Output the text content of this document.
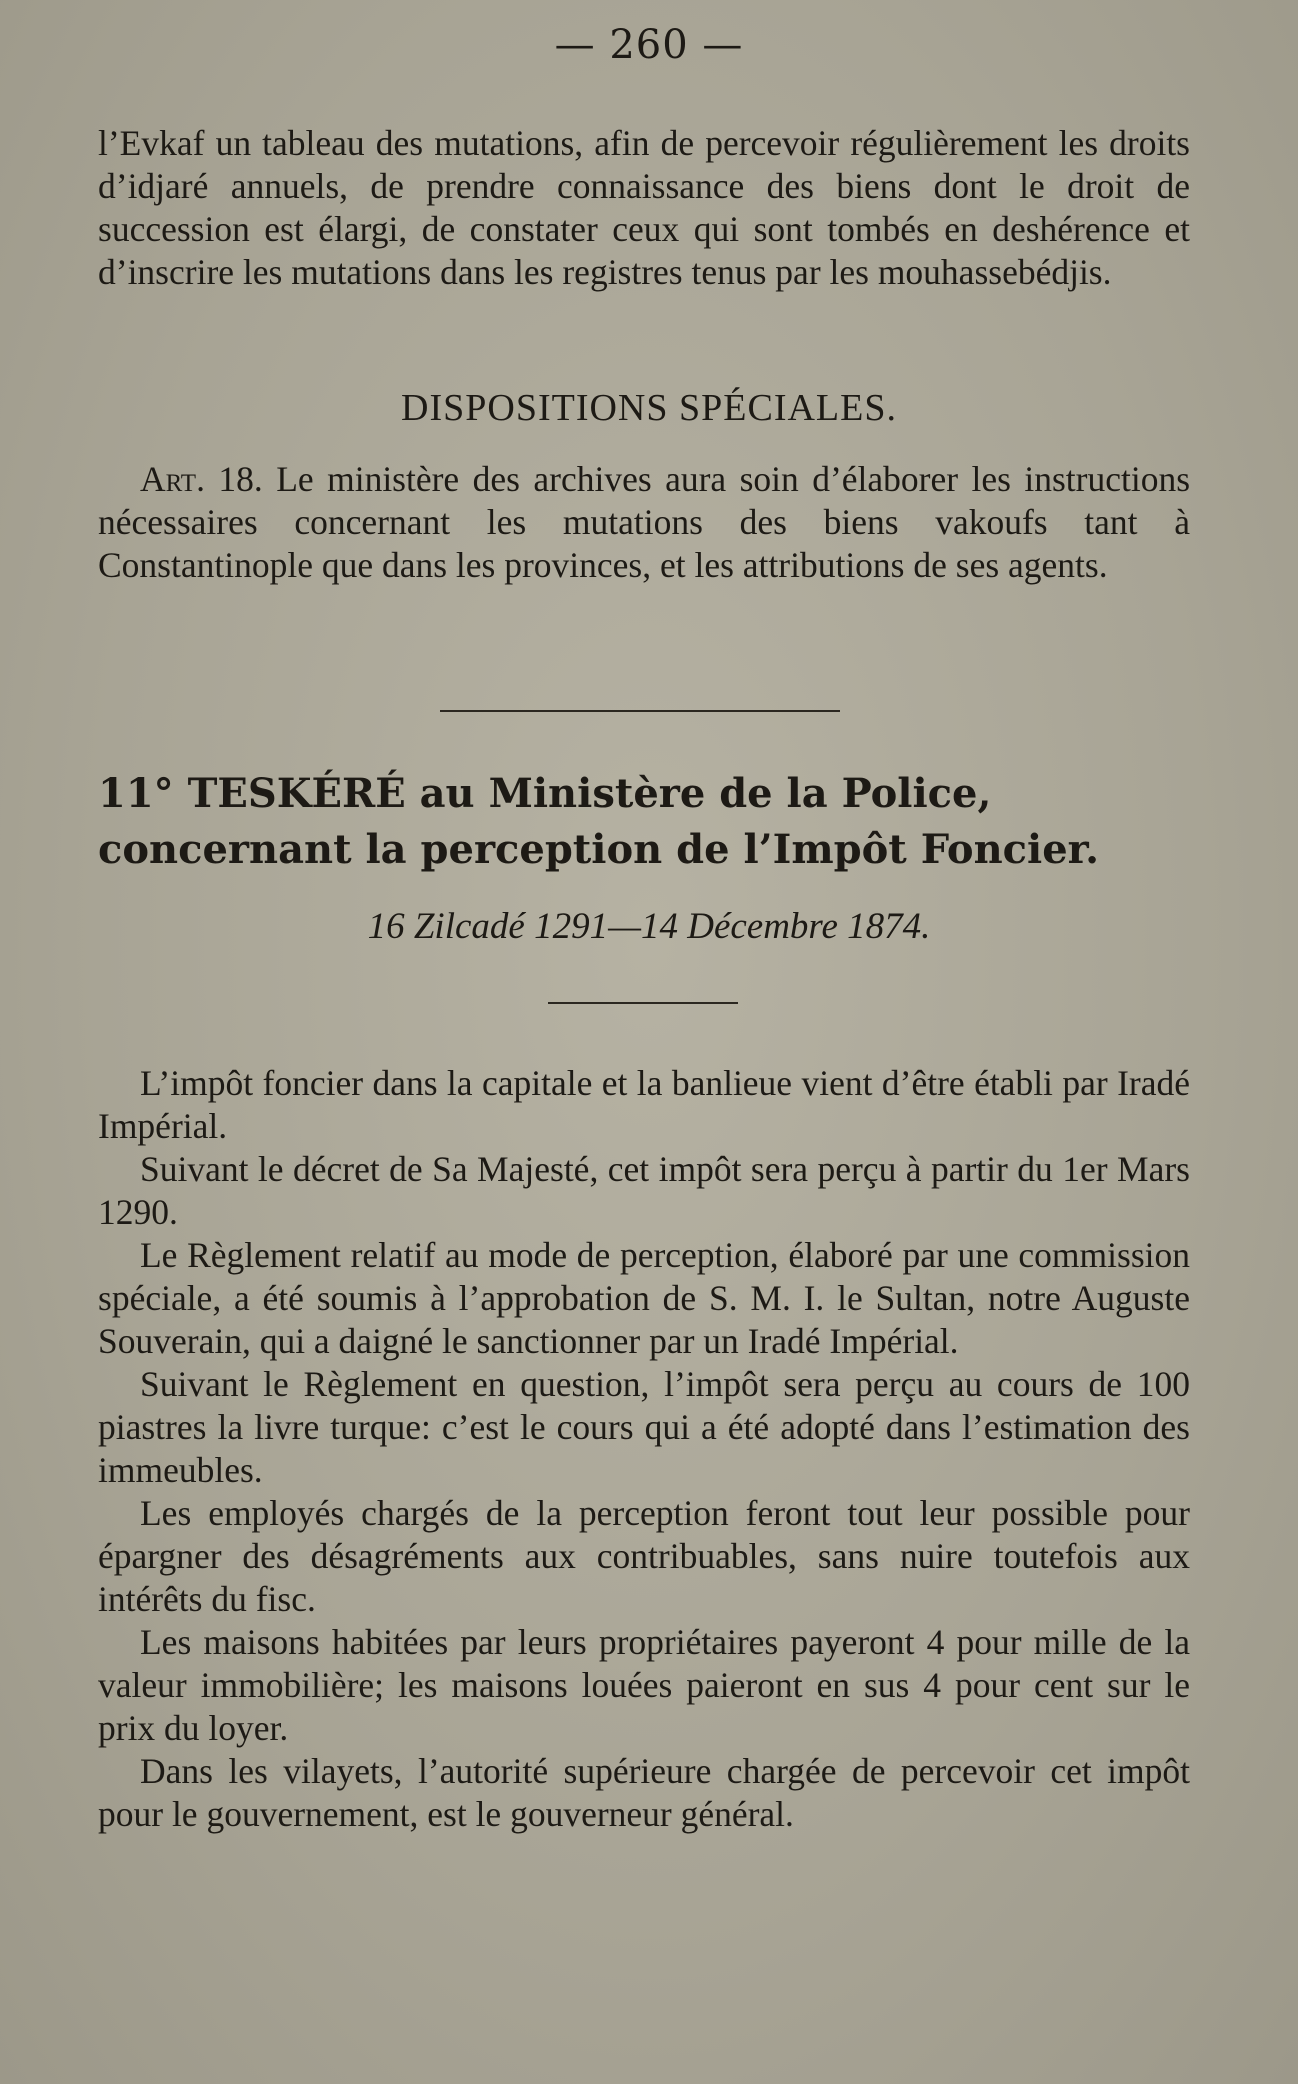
— 260 —

l’Evkaf un tableau des mutations, afin de percevoir régulièrement les droits d’idjaré annuels, de prendre connaissance des biens dont le droit de succession est élargi, de constater ceux qui sont tombés en deshérence et d’inscrire les mutations dans les registres tenus par les mouhassebédjis.

DISPOSITIONS SPÉCIALES.

Art. 18. Le ministère des archives aura soin d’élaborer les instructions nécessaires concernant les mutations des biens vakoufs tant à Constantinople que dans les provinces, et les attributions de ses agents.

11° TESKÉRÉ au Ministère de la Police, concernant la perception de l’Impôt Foncier.
16 Zilcadé 1291—14 Décembre 1874.

L’impôt foncier dans la capitale et la banlieue vient d’être établi par Iradé Impérial.

Suivant le décret de Sa Majesté, cet impôt sera perçu à partir du 1er Mars 1290.

Le Règlement relatif au mode de perception, élaboré par une commission spéciale, a été soumis à l’approbation de S. M. I. le Sultan, notre Auguste Souverain, qui a daigné le sanctionner par un Iradé Impérial.

Suivant le Règlement en question, l’impôt sera perçu au cours de 100 piastres la livre turque: c’est le cours qui a été adopté dans l’estimation des immeubles.

Les employés chargés de la perception feront tout leur possible pour épargner des désagréments aux contribuables, sans nuire toutefois aux intérêts du fisc.

Les maisons habitées par leurs propriétaires payeront 4 pour mille de la valeur immobilière; les maisons louées paieront en sus 4 pour cent sur le prix du loyer.

Dans les vilayets, l’autorité supérieure chargée de percevoir cet impôt pour le gouvernement, est le gouverneur général.
